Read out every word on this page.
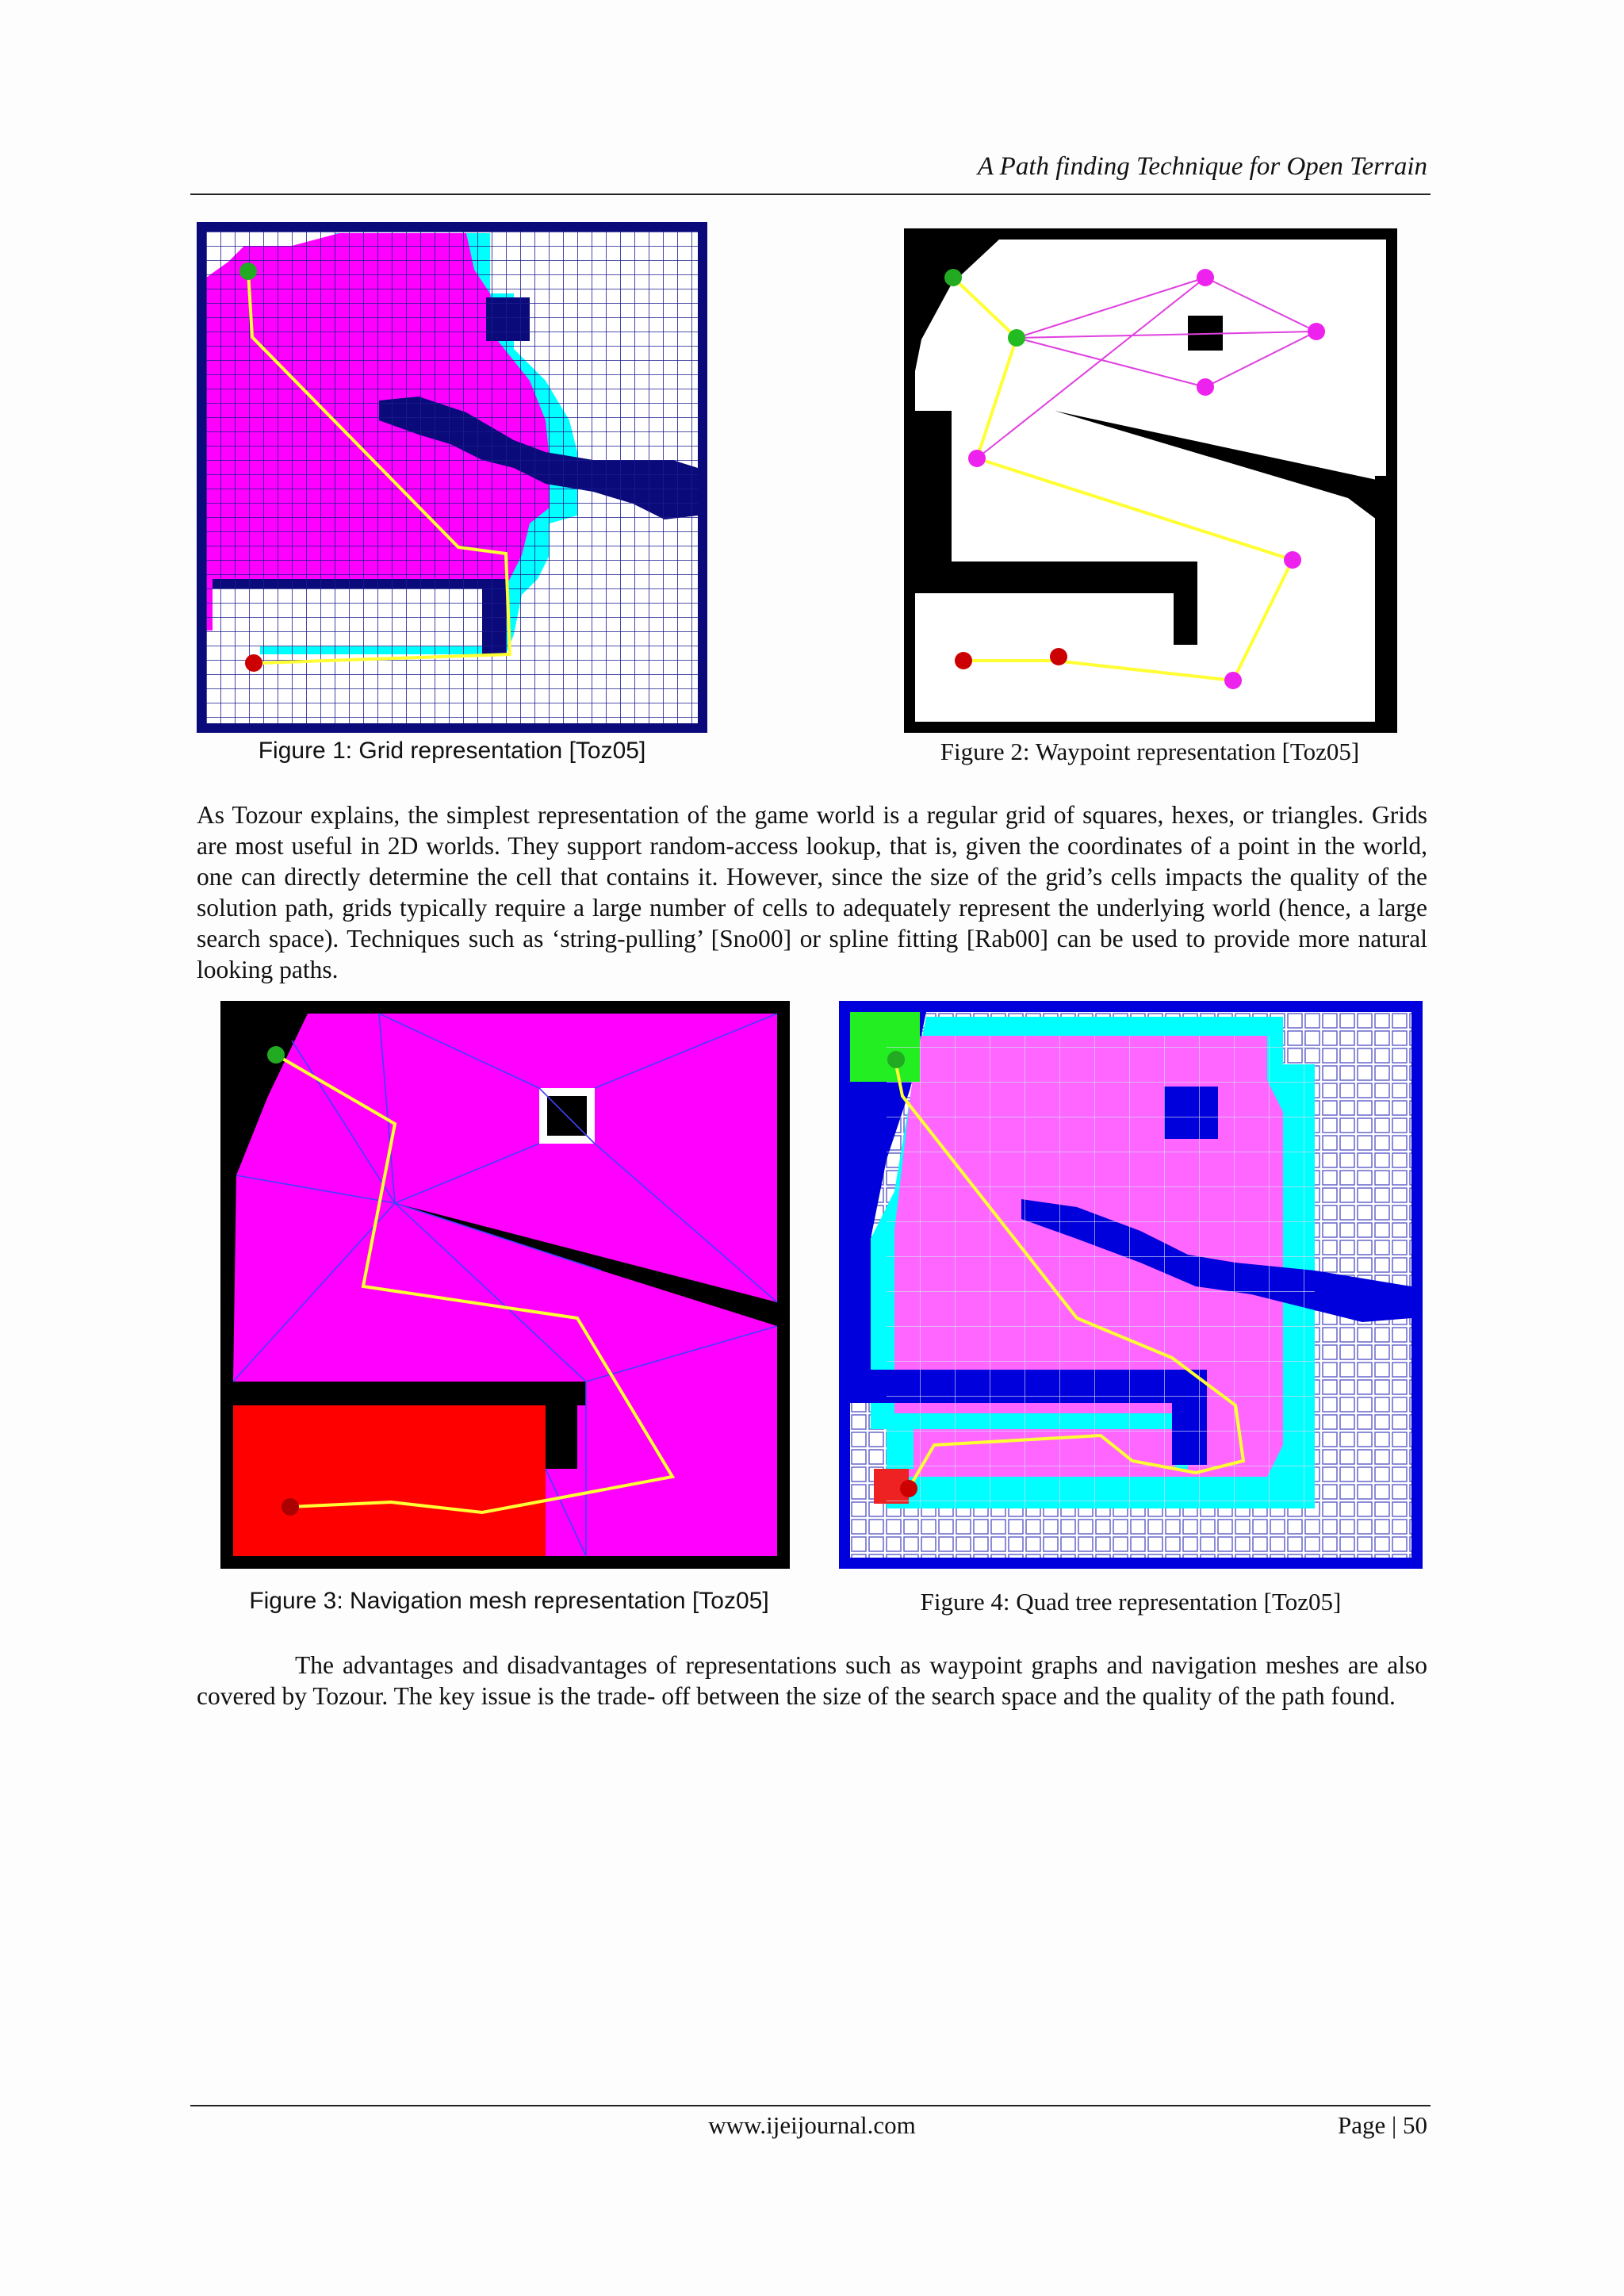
A Path finding Technique for Open Terrain
Figure 1: Grid representation [Toz05]	Figure 2: Waypoint representation [Toz05]
As Tozour explains, the simplest representation of the game world is a regular grid of squares, hexes, or triangles. Grids are most useful in 2D worlds. They support random-access lookup, that is, given the coordinates of a point in the world, one can directly determine the cell that contains it. However, since the size of the grid’s cells impacts the quality of the solution path, grids typically require a large number of cells to adequately represent the underlying world (hence, a large search space). Techniques such as ‘string-pulling’ [Sno00] or spline fitting [Rab00] can be used to provide more natural looking paths.
Figure 3: Navigation mesh representation [Toz05]	Figure 4: Quad tree representation [Toz05]
The advantages and disadvantages of representations such as waypoint graphs and navigation meshes are also covered by Tozour. The key issue is the trade- off between the size of the search space and the quality of the path found.
www.ijeijournal.com	Page | 50
